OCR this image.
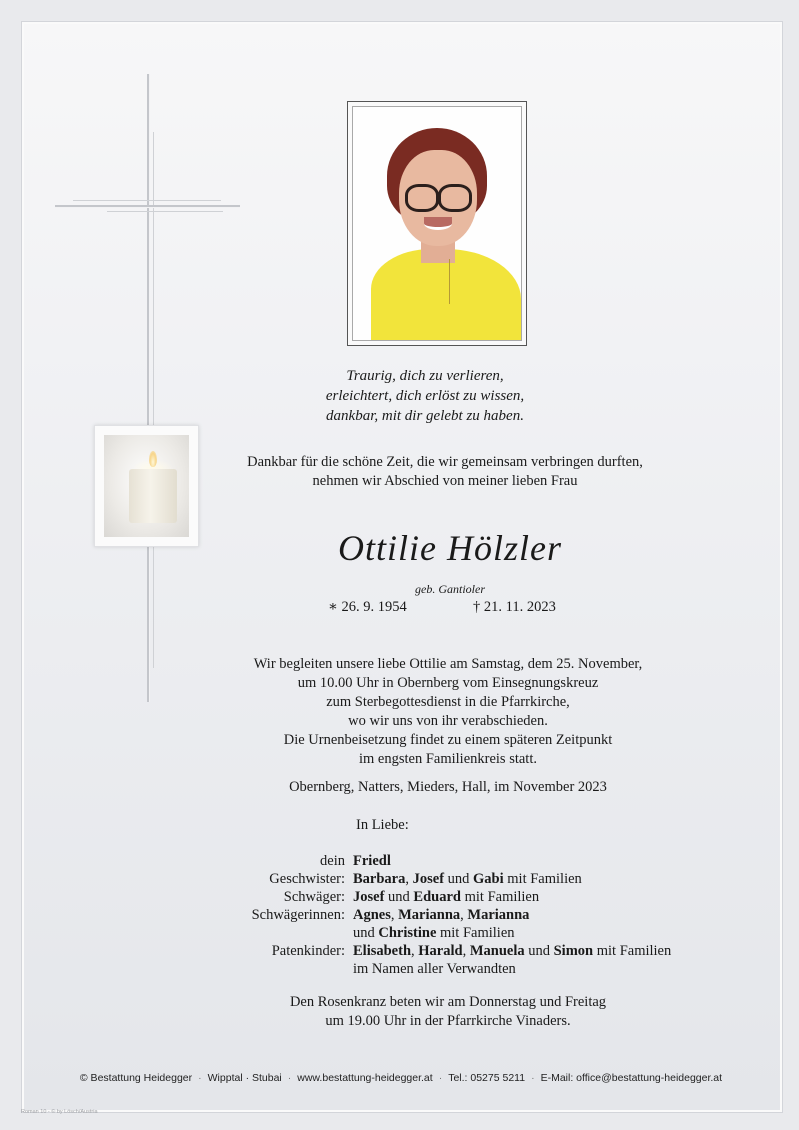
Traurig, dich zu verlieren,
erleichtert, dich erlöst zu wissen,
dankbar, mit dir gelebt zu haben.
Dankbar für die schöne Zeit, die wir gemeinsam verbringen durften,
nehmen wir Abschied von meiner lieben Frau
Ottilie Hölzler
geb. Gantioler
∗ 26. 9. 1954	† 21. 11. 2023
Wir begleiten unsere liebe Ottilie am Samstag, dem 25. November,
um 10.00 Uhr in Obernberg vom Einsegnungskreuz
zum Sterbegottesdienst in die Pfarrkirche,
wo wir uns von ihr verabschieden.
Die Urnenbeisetzung findet zu einem späteren Zeitpunkt
im engsten Familienkreis statt.
Obernberg, Natters, Mieders, Hall, im November 2023
In Liebe:
dein Friedl
Geschwister: Barbara, Josef und Gabi mit Familien
Schwäger: Josef und Eduard mit Familien
Schwägerinnen: Agnes, Marianna, Marianna
und Christine mit Familien
Patenkinder: Elisabeth, Harald, Manuela und Simon mit Familien
im Namen aller Verwandten
Den Rosenkranz beten wir am Donnerstag und Freitag
um 19.00 Uhr in der Pfarrkirche Vinaders.
© Bestattung Heidegger · Wipptal · Stubai · www.bestattung-heidegger.at · Tel.: 05275 5211 · E-Mail: office@bestattung-heidegger.at
Roman 10 - © by Lösch/Austria
